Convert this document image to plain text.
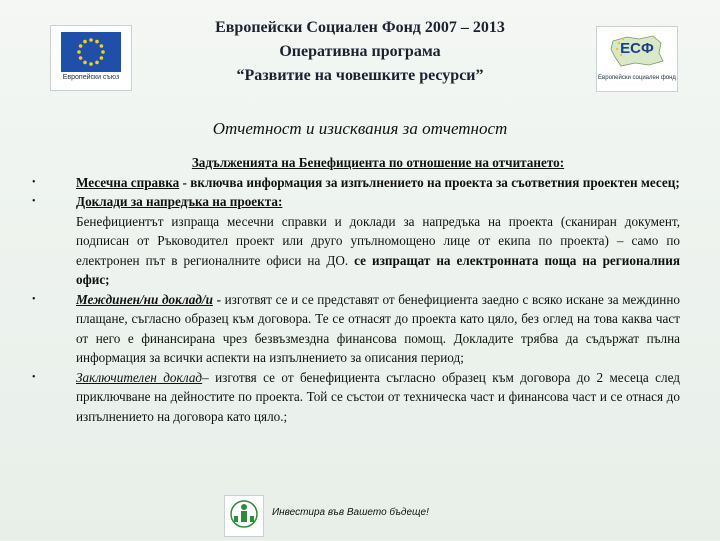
Европейски съюз
Европейски Социален Фонд 2007 – 2013
Оперативна програма
“Развитие на човешките ресурси”
ЕСФ
Европейски социален фонд
Отчетност и изисквания за отчетност

Задълженията на Бенефициента по отношение на отчитането:

•	Месечна справка - включва информация за изпълнението на проекта за съответния проектен месец;

•	Доклади за напредъка на проекта:

Бенефициентът изпраща месечни справки и доклади за напредъка на проекта (сканиран документ, подписан от Ръководител проект или друго упълномощено лице от екипа по проекта) – само по електронен път в регионалните офиси на ДО. се изпращат на електронната поща на регионалния офис;

•	Междинен/ни доклад/и - изготвят се и се представят от бенефициента заедно с всяко искане за междинно плащане, съгласно образец към договора. Те се отнасят до проекта като цяло, без оглед на това каква част от него е финансирана чрез безвъзмездна финансова помощ. Докладите трябва да съдържат пълна информация за всички аспекти на изпълнението за описания период;

•	Заключителен доклад– изготвя се от бенефициента съгласно образец към договора до 2 месеца след приключване на дейностите по проекта. Той се състои от техническа част и финансова част и се отнася до изпълнението на договора като цяло.;

Инвестира във Вашето бъдеще!
